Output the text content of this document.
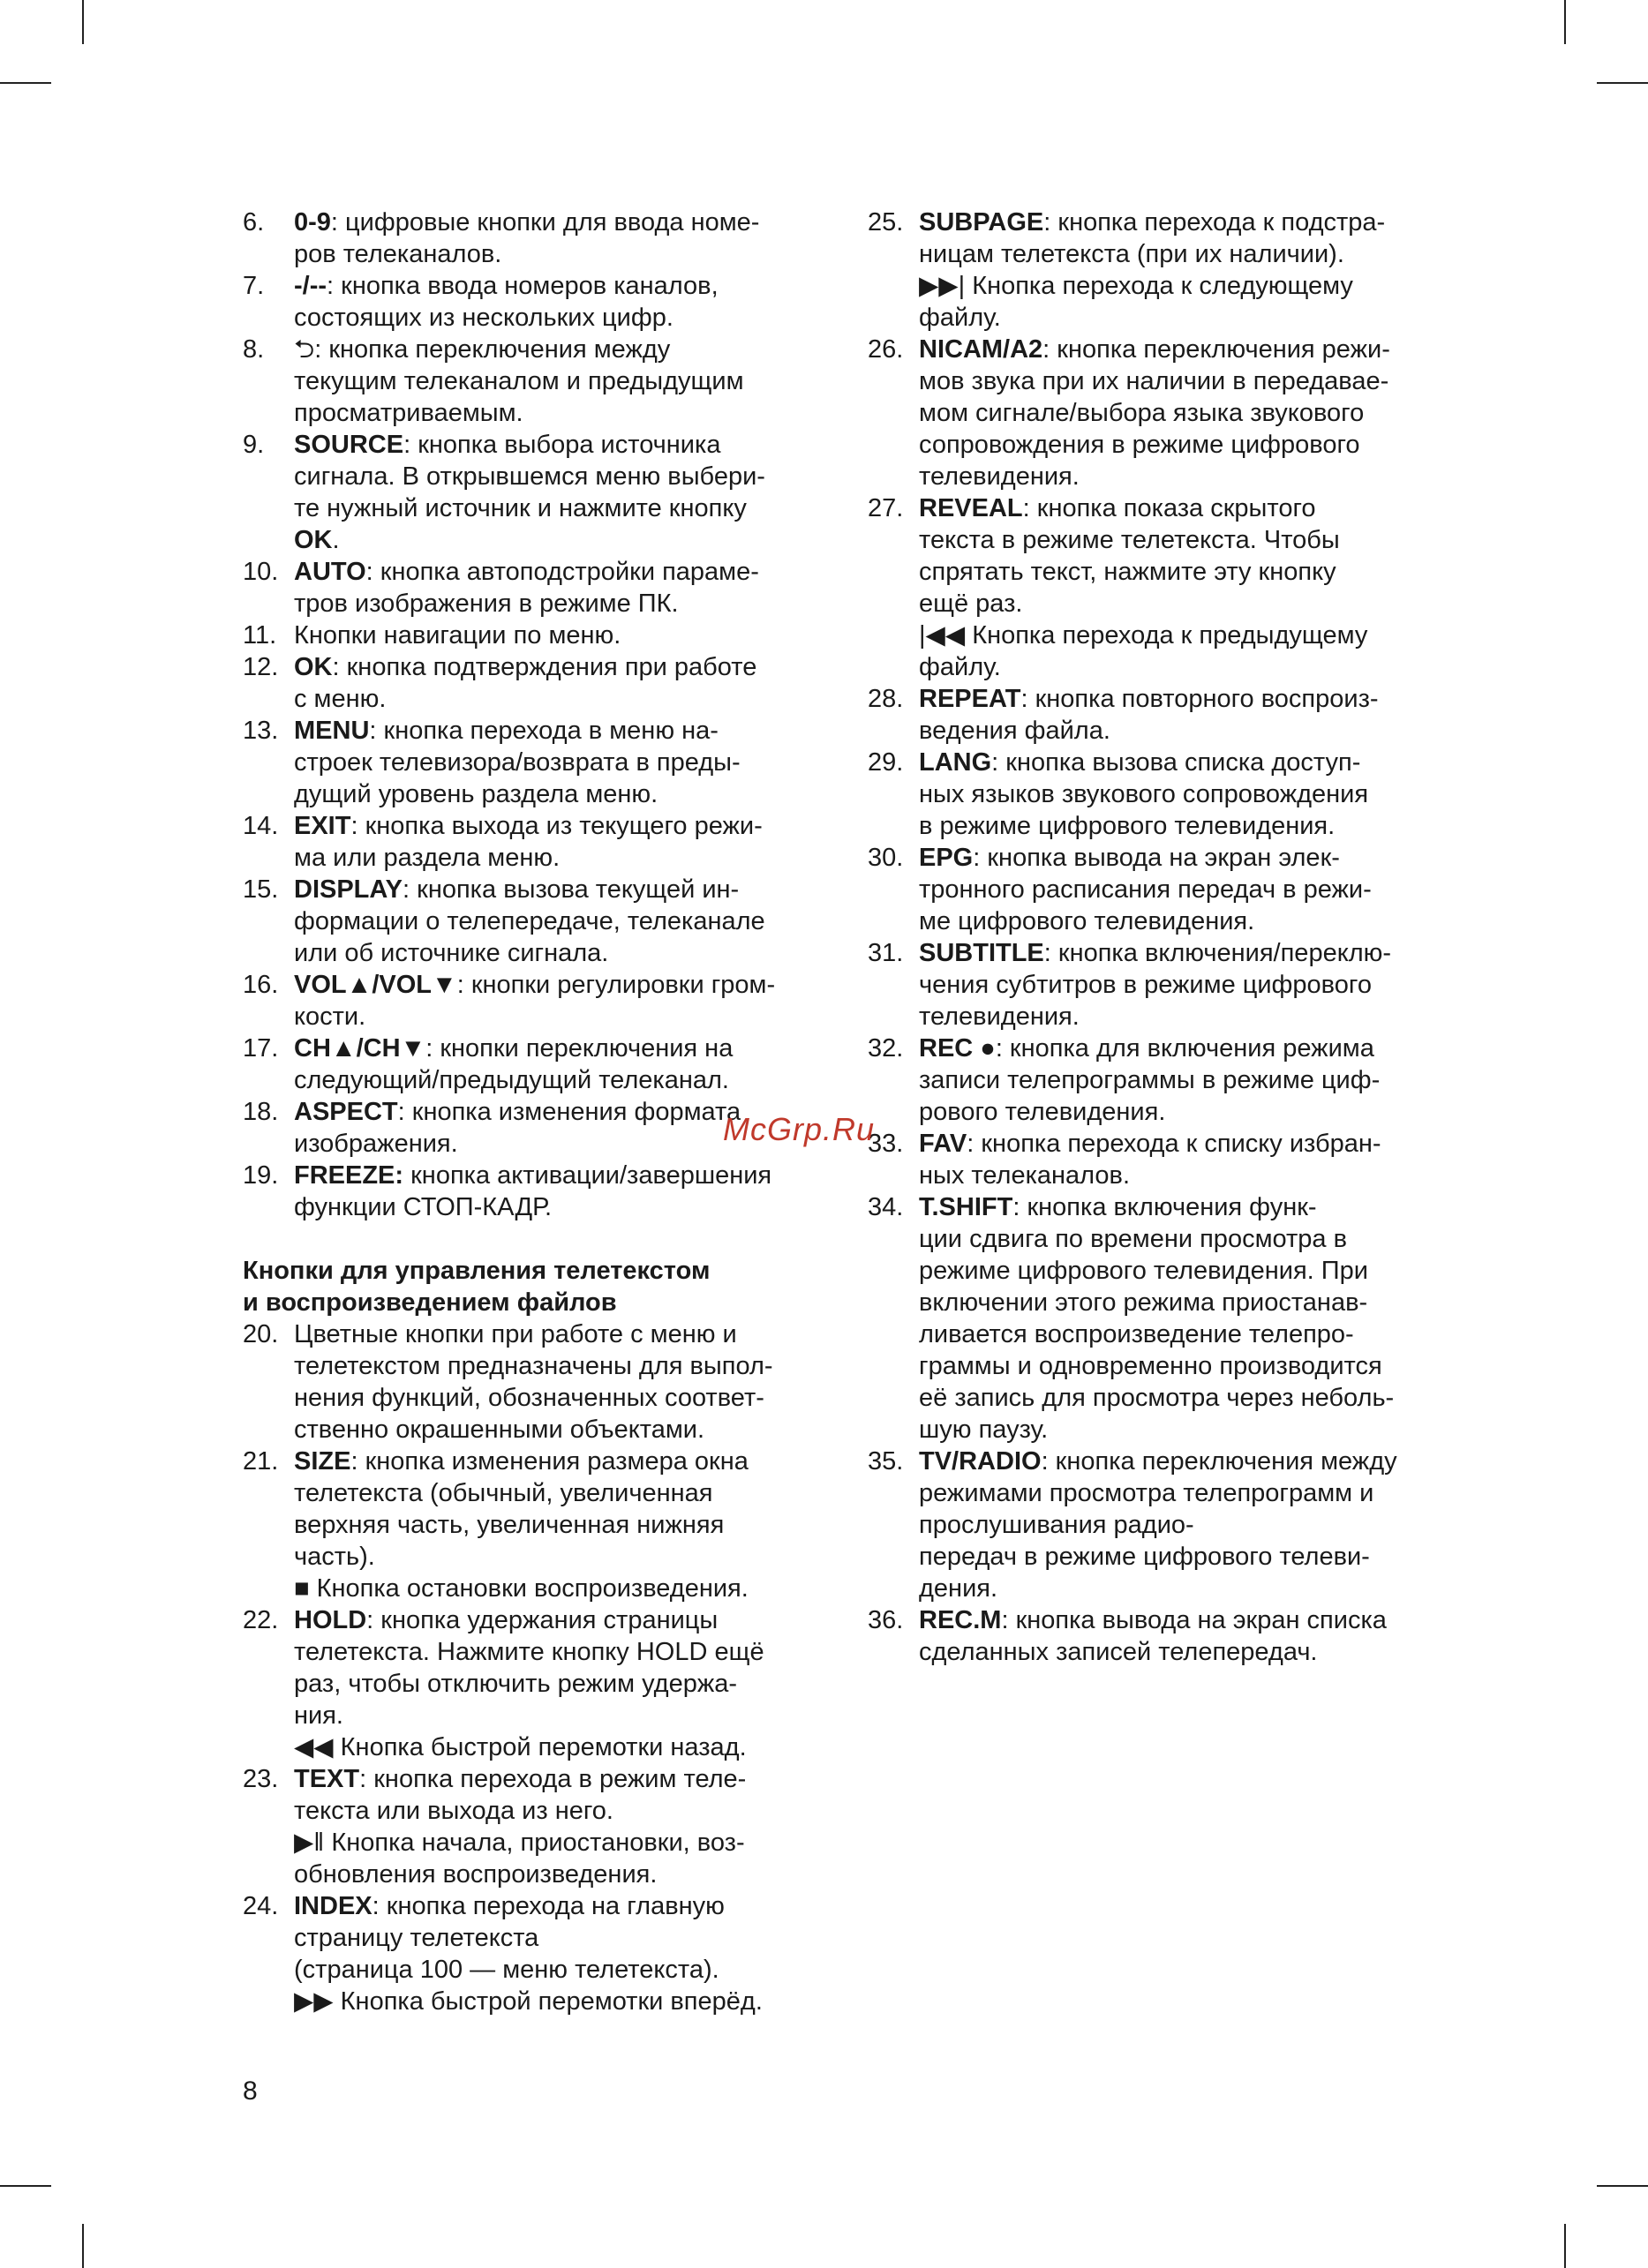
6. 0-9: цифровые кнопки для ввода номе-
ров телеканалов.
7. -/--: кнопка ввода номеров каналов,
состоящих из нескольких цифр.
8. ⮌: кнопка переключения между
текущим телеканалом и предыдущим
просматриваемым.
9. SOURCE: кнопка выбора источника
сигнала. В открывшемся меню выбери-
те нужный источник и нажмите кнопку
OK.
10. AUTO: кнопка автоподстройки параме-
тров изображения в режиме ПК.
11. Кнопки навигации по меню.
12. OK: кнопка подтверждения при работе
с меню.
13. MENU: кнопка перехода в меню на-
строек телевизора/возврата в преды-
дущий уровень раздела меню.
14. EXIT: кнопка выхода из текущего режи-
ма или раздела меню.
15. DISPLAY: кнопка вызова текущей ин-
формации о телепередаче, телеканале
или об источнике сигнала.
16. VOL▲/VOL▼: кнопки регулировки гром-
кости.
17. CH▲/CH▼: кнопки переключения на
следующий/предыдущий телеканал.
18. ASPECT: кнопка изменения формата
изображения.
19. FREEZE: кнопка активации/завершения
функции СТОП-КАДР.
Кнопки для управления телетекстом
и воспроизведением файлов
20. Цветные кнопки при работе с меню и
телетекстом предназначены для выпол-
нения функций, обозначенных соответ-
ственно окрашенными объектами.
21. SIZE: кнопка изменения размера окна
телетекста (обычный, увеличенная
верхняя часть, увеличенная нижняя
часть).
■ Кнопка остановки воспроизведения.
22. HOLD: кнопка удержания страницы
телетекста. Нажмите кнопку HOLD ещё
раз, чтобы отключить режим удержа-
ния.
◀◀ Кнопка быстрой перемотки назад.
23. TEXT: кнопка перехода в режим теле-
текста или выхода из него.
▶ǁ Кнопка начала, приостановки, воз-
обновления воспроизведения.
24. INDEX: кнопка перехода на главную
страницу телетекста
(страница 100 — меню телетекста).
▶▶ Кнопка быстрой перемотки вперёд.
25. SUBPAGE: кнопка перехода к подстра-
ницам телетекста (при их наличии).
▶▶| Кнопка перехода к следующему
файлу.
26. NICAM/A2: кнопка переключения режи-
мов звука при их наличии в передавае-
мом сигнале/выбора языка звукового
сопровождения в режиме цифрового
телевидения.
27. REVEAL: кнопка показа скрытого
текста в режиме телетекста. Чтобы
спрятать текст, нажмите эту кнопку
ещё раз.
|◀◀ Кнопка перехода к предыдущему
файлу.
28. REPEAT: кнопка повторного воспроиз-
ведения файла.
29. LANG: кнопка вызова списка доступ-
ных языков звукового сопровождения
в режиме цифрового телевидения.
30. EPG: кнопка вывода на экран элек-
тронного расписания передач в режи-
ме цифрового телевидения.
31. SUBTITLE: кнопка включения/переклю-
чения субтитров в режиме цифрового
телевидения.
32. REC ●: кнопка для включения режима
записи телепрограммы в режиме циф-
рового телевидения.
33. FAV: кнопка перехода к списку избран-
ных телеканалов.
34. T.SHIFT: кнопка включения функ-
ции сдвига по времени просмотра в
режиме цифрового телевидения. При
включении этого режима приостанав-
ливается воспроизведение телепро-
граммы и одновременно производится
её запись для просмотра через неболь-
шую паузу.
35. TV/RADIO: кнопка переключения между
режимами просмотра телепрограмм и
прослушивания радио-
передач в режиме цифрового телеви-
дения.
36. REC.M: кнопка вывода на экран списка
сделанных записей телепередач.
McGrp.Ru
8
